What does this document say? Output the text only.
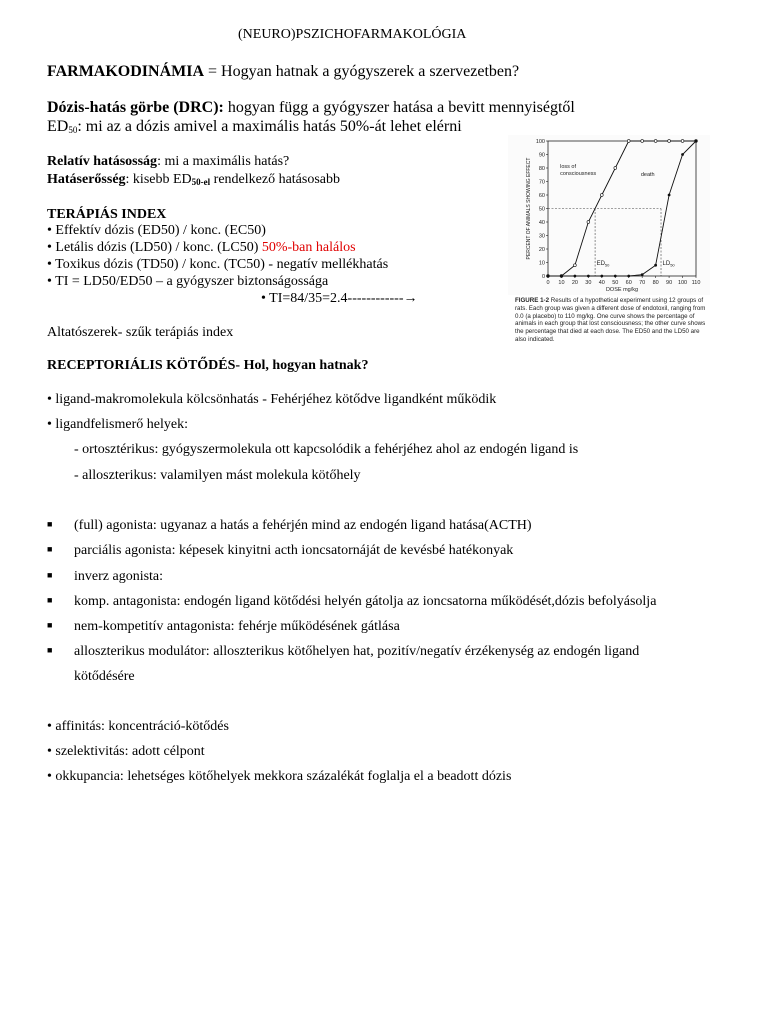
(NEURO)PSZICHOFARMAKOLÓGIA
FARMAKODINÁMIA = Hogyan hatnak a gyógyszerek a szervezetben?
Dózis-hatás görbe (DRC): hogyan függ a gyógyszer hatása a bevitt mennyiségtől
$ED_{50}$: mi az a dózis amivel a maximális hatás 50%-át lehet elérni
Relatív hatásosság: mi a maximális hatás?
Hatáserősség: kisebb $ED_{50-el}$ rendelkező hatásosabb
TERÁPIÁS INDEX
• Effektív dózis (ED50) / konc. (EC50)
• Letális dózis (LD50) / konc. (LC50) 50%-ban halálos
• Toxikus dózis (TD50) / konc. (TC50) - negatív mellékhatás
• TI = LD50/ED50 – a gyógyszer biztonságossága
• TI=84/35=2.4------------→
Altatószerek- szűk terápiás index
RECEPTORIÁLIS KÖTŐDÉS- Hol, hogyan hatnak?
• ligand-makromolekula kölcsönhatás - Fehérjéhez kötődve ligandként működik
• ligandfelismerő helyek:
- ortosztérikus: gyógyszermolekula ott kapcsolódik a fehérjéhez ahol az endogén ligand is
- alloszterikus: valamilyen mást molekula kötőhely
■ (full) agonista: ugyanaz a hatás a fehérjén mind az endogén ligand hatása(ACTH)
■ parciális agonista: képesek kinyitni acth ioncsatornáját de kevésbé hatékonyak
■ inverz agonista:
■ komp. antagonista: endogén ligand kötődési helyén gátolja az ioncsatorna működését,dózis befolyásolja
■ nem-kompetitív antagonista: fehérje működésének gátlása
■ alloszterikus modulátor: alloszterikus kötőhelyen hat, pozitív/negatív érzékenység az endogén ligand
kötődésére
• affinitás: koncentráció-kötődés
• szelektivitás: adott célpont
• okkupancia: lehetséges kötőhelyek mekkora százalékát foglalja el a beadott dózis
0
10
20
30
40
50
60
70
80
90
100
0 10 20 30 40 50 60 70 80 90 100 110
DOSE mg/kg
PERCENT OF ANIMALS SHOWING EFFECT	loss of
consciousness	death
$ED_{50}$	$LD_{50}$
FIGURE 1-2 Results of a hypothetical experiment using 12 groups of rats. Each group was given a different dose of endotoxil, ranging from 0.0 (a placebo) to 110 mg/kg. One curve shows the percentage of animals in each group that lost consciousness; the other curve shows the percentage that died at each dose. The ED50 and the LD50 are also indicated.
